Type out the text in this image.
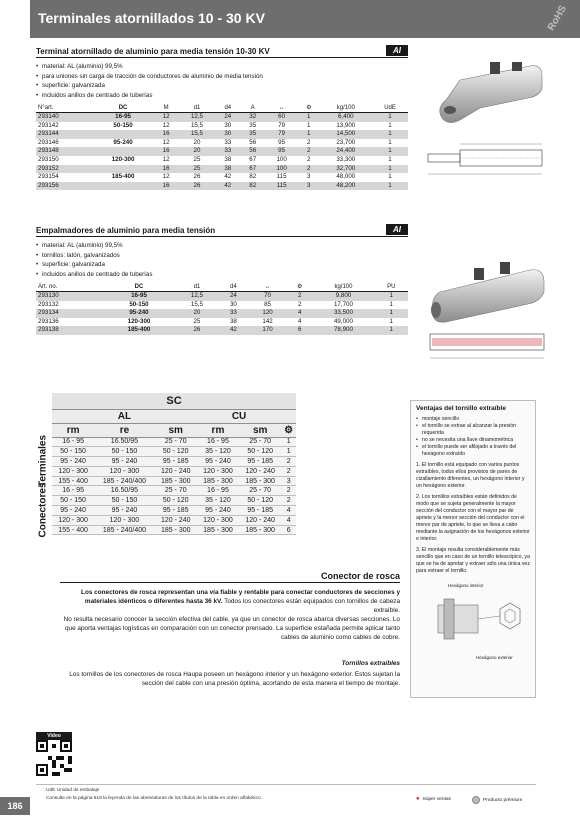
Terminales atornillados 10 - 30 KV	RoHS
Terminal atornillado de aluminio para media tensión 10-30 KV	AI
• material: AL (aluminio) 99,5%
• para uniones sin carga de tracción de conductores de aluminio de media tensión
• superficie: galvanizada
• incluidos anillos de centrado de tuberías
N°art.	DC	M	d1	d4	A	↔	⚙	kg/100	UdE
293140	16-95	12	12,5	24	32	60	1	6,400	1
293142	50-150	12	15,5	30	35	79	1	13,900	1
293144		16	15,5	30	35	79	1	14,500	1
293146	95-240	12	20	33	56	95	2	23,700	1
293148		16	20	33	56	95	2	24,400	1
293150	120-300	12	25	38	67	100	2	33,300	1
293152		16	25	38	67	100	2	32,700	1
293154	185-400	12	26	42	82	115	3	48,000	1
293156		16	26	42	82	115	3	48,200	1
Empalmadores de aluminio para media tensión	AI
• material: AL (aluminio) 99,5%
• tornillos: latón, galvanizados
• superficie: galvanizada
• incluidos anillos de centrado de tuberías
Art. no.	DC	d1	d4	↔	⚙	kg/100	PU
293130	16-95	12,5	24	70	2	9,800	1
293132	50-150	15,5	30	85	2	17,700	1
293134	95-240	20	33	120	4	33,500	1
293136	120-300	25	38	142	4	49,000	1
293138	185-400	26	42	170	6	78,900	1
	SC					
	AL			CU		
	rm	re	sm	rm	sm	⚙

Terminales	16 - 95	16.50/95	25 - 70	16 - 95	25 - 70	1
	50 - 150	50 - 150	50 - 120	35 - 120	50 - 120	1
	95 - 240	95 - 240	95 - 185	95 - 240	95 - 185	2
	120 - 300	120 - 300	120 - 240	120 - 300	120 - 240	2
	155 - 400	185 - 240/400	185 - 300	185 - 300	185 - 300	3

Conectores	16 - 95	16.50/95	25 - 70	16 - 95	25 - 70	2
	50 - 150	50 - 150	50 - 120	35 - 120	50 - 120	2
	95 - 240	95 - 240	95 - 185	95 - 240	95 - 185	4
	120 - 300	120 - 300	120 - 240	120 - 300	120 - 240	4
	155 - 400	185 - 240/400	185 - 300	185 - 300	185 - 300	6
Ventajas del tornillo extraíble
• montaje sencillo
• el tornillo se extrae al alcanzar la presión requerida
• no se necesita una llave dinamométrica
• el tornillo puede ser afilojado a través del hexágono extraído

1. El tornillo está equipado con varios puntos extraíbles, todos ellos provistos de pares de cizallamiento diferentes, un hexágono interior y un hexágono exterior.

2. Los tornillos extraíbles están definidos de modo que se sujeta generalmente la mayor sección del conductor con el mayor par de apriete y la menor sección del conductor con el menor par de apriete, lo que se lleva a cabo mediante la asignación de los hexágonos exterior e interior.

3. El montaje resulta considerablemente más sencillo que en caso de un tornillo telescópico, ya que se ha de apretar y extraer sólo una única vez para extraer el tornillo.

Hexágono interior
Hexágono exterior
Conector de rosca
Los conectores de rosca representan una vía fiable y rentable para conectar conductores de secciones y materiales idénticos o diferentes hasta 36 kV. Todos los conectores están equipados con tornillos de cabeza extraíble.
No resulta necesario conocer la sección efectiva del cable, ya que un conector de rosca abarca diversas secciones. Lo que aporta ventajas logísticas en comparación con un conector prensado. La superficie estañada permite aplicar tanto cables de aluminio como cables de cobre.
Tornillos extraíbles
Los tornillos de los conectores de rosca Haupa poseen un hexágono interior y un hexágono exterior. Estos sujetan la sección del cable con una presión óptima, acortando de esta manera el tiempo de montaje.
Vídeo
186
UdE Unidad de embalaje
Consulte en la página 618 la leyenda de las abreviaturas de los títulos de la tabla en orden alfabético.	● Súper ventas	Producto prémium
